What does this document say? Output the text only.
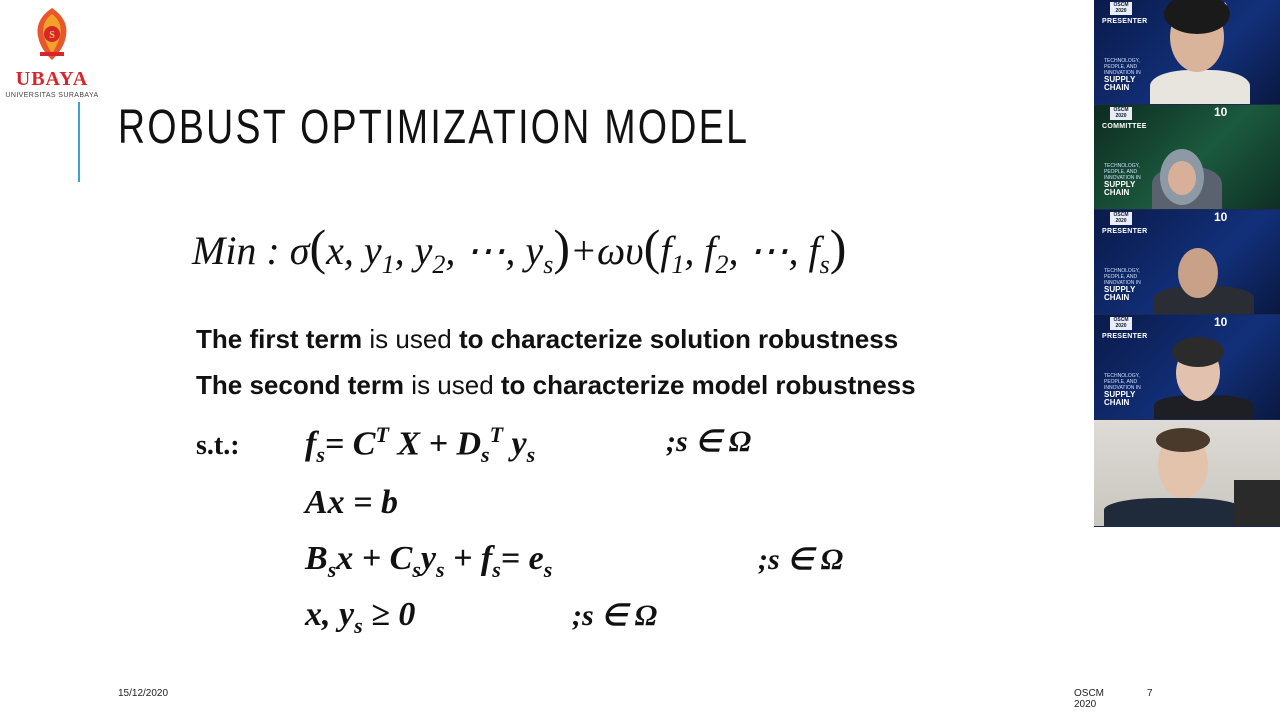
S
UBAYA
UNIVERSITAS SURABAYA
ROBUST OPTIMIZATION MODEL
Min : σ(x, $y_1$, $y_2$, ⋯, $y_s)+\omega\upsilon(f_1$, $f_2$, ⋯, $f_s$)
The first term is used to characterize solution robustness
The second term is used to characterize model robustness
s.t.: $f_s= C^T$ $X + D_s^T$ $y_s$	;s ∈ Ω
Ax = b
$B_sx + C_sy_s + f_s= e_s$	;s ∈ Ω
x, $y_s \ge 0$	;s ∈ Ω
15/12/2020	OSCM 2020
7
OSCM 2020
PRESENTER
TECHNOLOGY, PEOPLE, AND INNOVATION IN
SUPPLY CHAIN
OSCM 2020
COMMITTEE
10
TECHNOLOGY, PEOPLE, AND INNOVATION IN
SUPPLY CHAIN
OSCM 2020
PRESENTER
10
TECHNOLOGY, PEOPLE, AND INNOVATION IN
SUPPLY CHAIN
OSCM 2020
PRESENTER
10
TECHNOLOGY, PEOPLE, AND INNOVATION IN
SUPPLY CHAIN
